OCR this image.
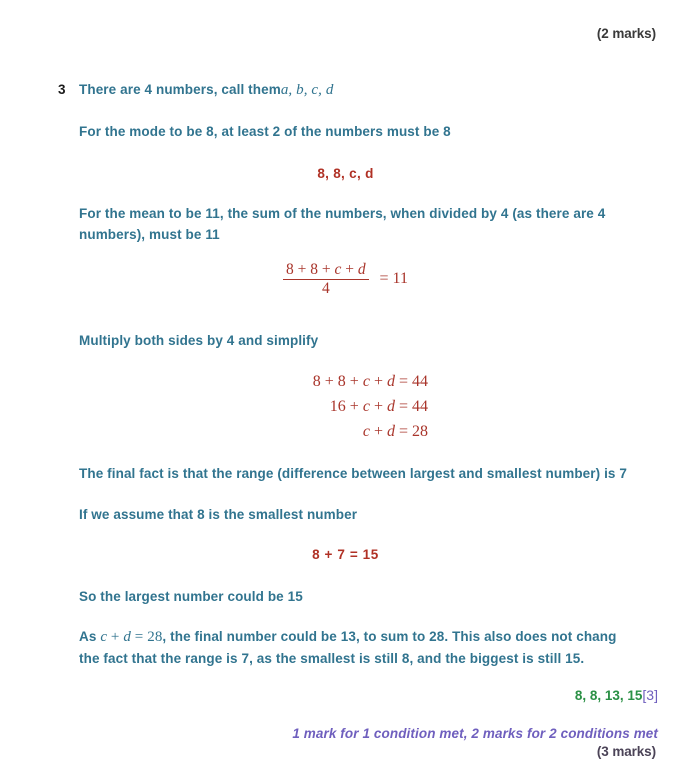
(2 marks)
3 There are 4 numbers, call thema, b, c, d
For the mode to be 8, at least 2 of the numbers must be 8
8, 8, c, d

For the mean to be 11, the sum of the numbers, when divided by 4 (as there are 4 numbers), must be 11

$\frac{8 + 8 + c + d}{4} = 11$
Multiply both sides by 4 and simplify
8 + 8 + c + d = 44
16 + c + d = 44
c + d = 28
The final fact is that the range (difference between largest and smallest number) is 7
If we assume that 8 is the smallest number
8 + 7 = 15
So the largest number could be 15

As c + d = 28, the final number could be 13, to sum to 28. This also does not chang

the fact that the range is 7, as the smallest is still 8, and the biggest is still 15.

8, 8, 13, 15[3]
1 mark for 1 condition met, 2 marks for 2 conditions met
(3 marks)
